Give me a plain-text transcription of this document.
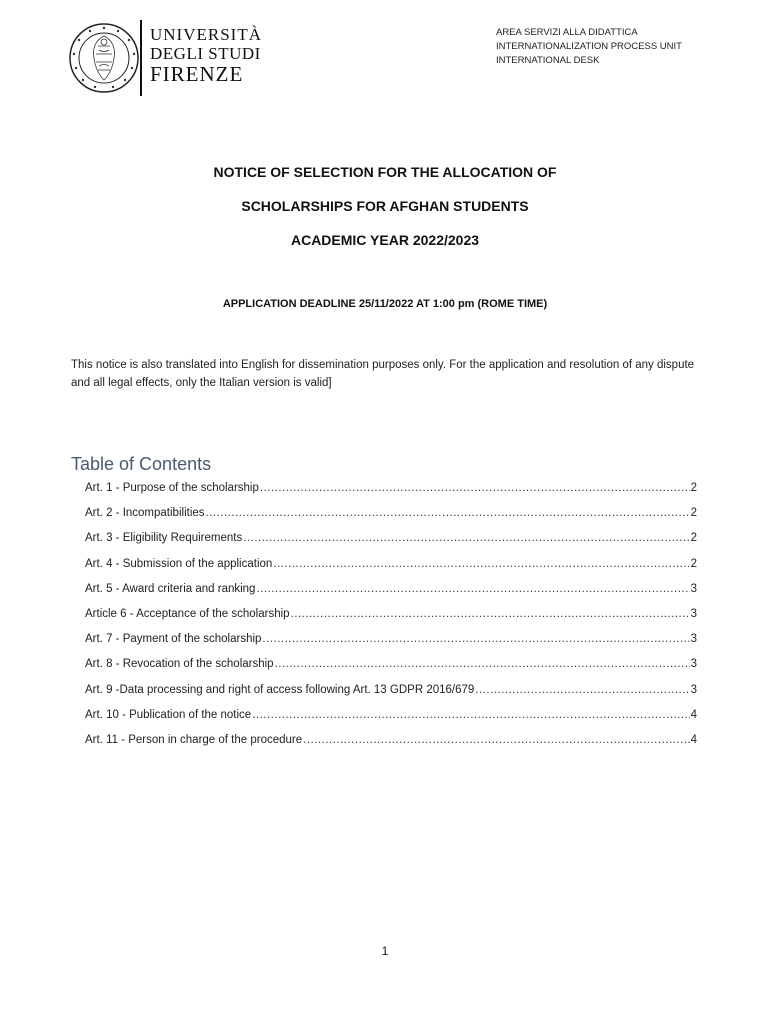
UNIVERSITÀ
DEGLI STUDI
FIRENZE
AREA SERVIZI ALLA DIDATTICA
INTERNATIONALIZATION PROCESS UNIT
INTERNATIONAL DESK
NOTICE OF SELECTION FOR THE ALLOCATION OF
SCHOLARSHIPS FOR AFGHAN STUDENTS
ACADEMIC YEAR 2022/2023
APPLICATION DEADLINE 25/11/2022 AT 1:00 pm (ROME TIME)
This notice is also translated into English for dissemination purposes only. For the application and resolution of any dispute and all legal effects, only the Italian version is valid]
Table of Contents
Art. 1 - Purpose of the scholarship .....	2
Art. 2 - Incompatibilities .....	2
Art. 3 - Eligibility Requirements .....	2
Art. 4 - Submission of the application .....	2
Art. 5 - Award criteria and ranking .....	3
Article 6 - Acceptance of the scholarship .....	3
Art. 7 - Payment of the scholarship .....	3
Art. 8 - Revocation of the scholarship .....	3
Art. 9 -Data processing and right of access following Art. 13 GDPR 2016/679 .....	3
Art. 10 - Publication of the notice .....	4
Art. 11 - Person in charge of the procedure .....	4
1
